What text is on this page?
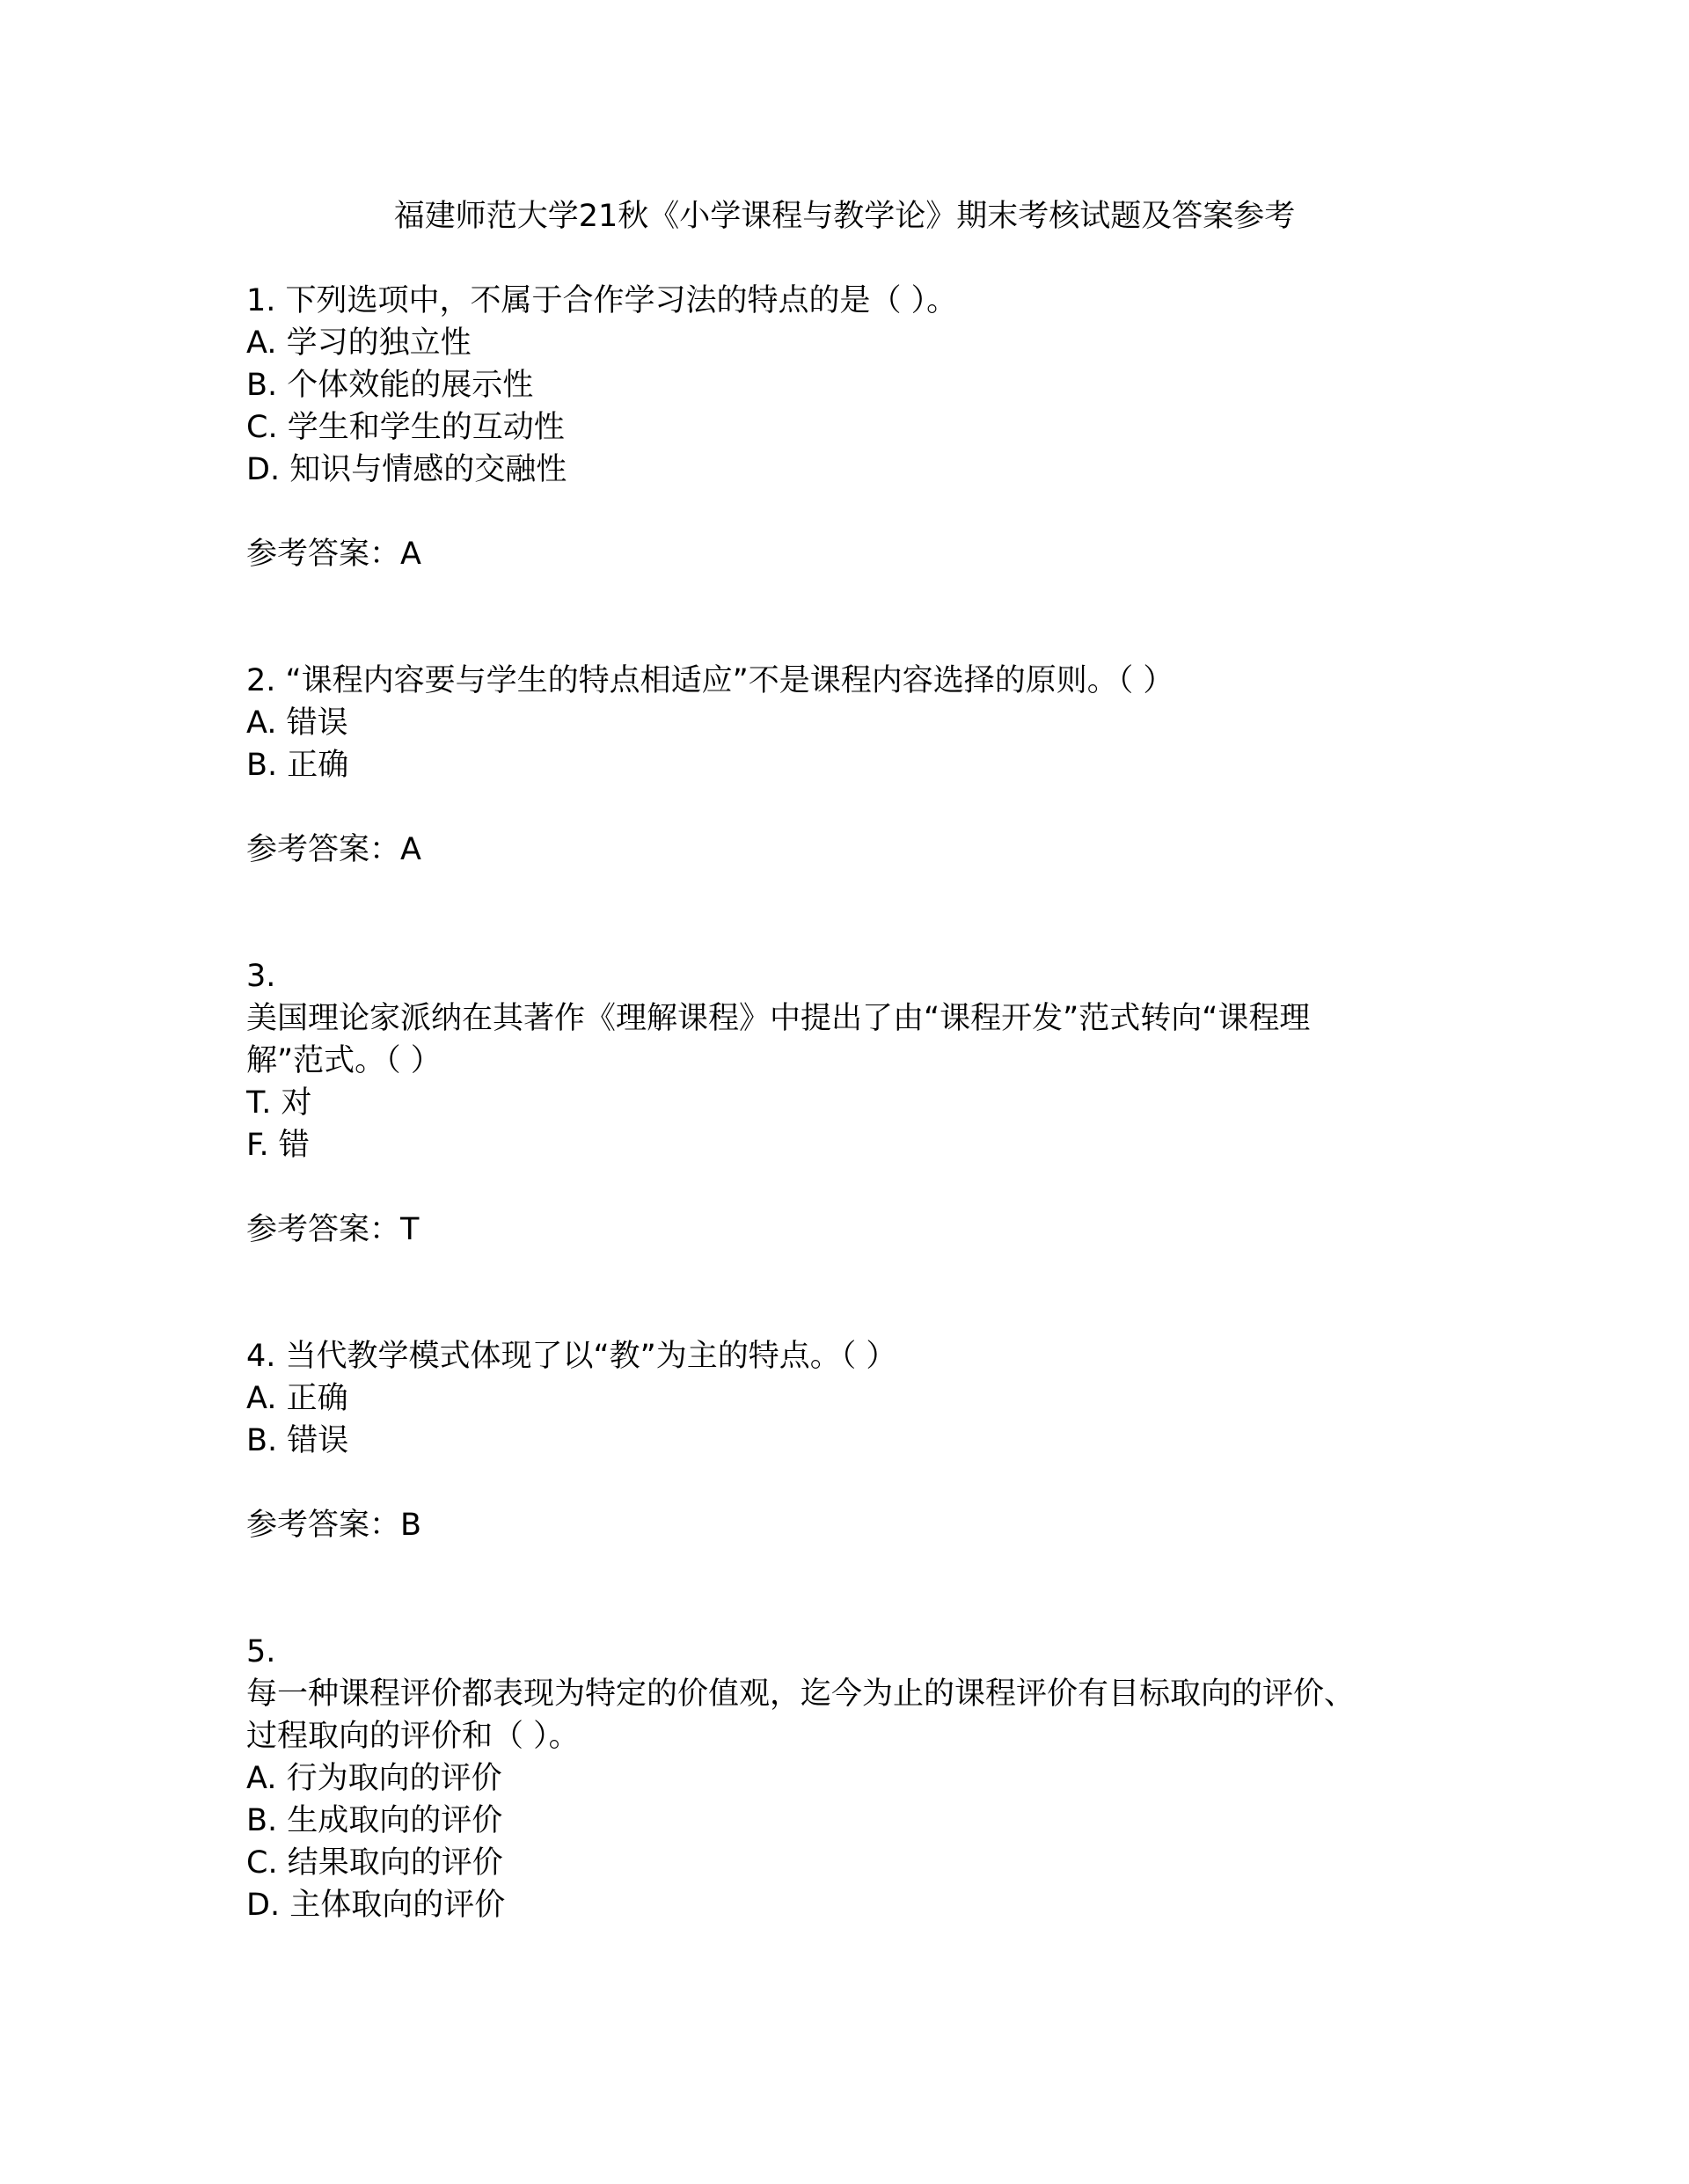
福建师范大学21秋《小学课程与教学论》期末考核试题及答案参考
1. 下列选项中，不属于合作学习法的特点的是（ ）。
A. 学习的独立性
B. 个体效能的展示性
C. 学生和学生的互动性
D. 知识与情感的交融性
参考答案：A
2. “课程内容要与学生的特点相适应”不是课程内容选择的原则。（ ）
A. 错误
B. 正确
参考答案：A
3.
美国理论家派纳在其著作《理解课程》中提出了由“课程开发”范式转向“课程理
解”范式。（ ）
T. 对
F. 错
参考答案：T
4. 当代教学模式体现了以“教”为主的特点。（ ）
A. 正确
B. 错误
参考答案：B
5.
每一种课程评价都表现为特定的价值观，迄今为止的课程评价有目标取向的评价、
过程取向的评价和（ ）。
A. 行为取向的评价
B. 生成取向的评价
C. 结果取向的评价
D. 主体取向的评价
